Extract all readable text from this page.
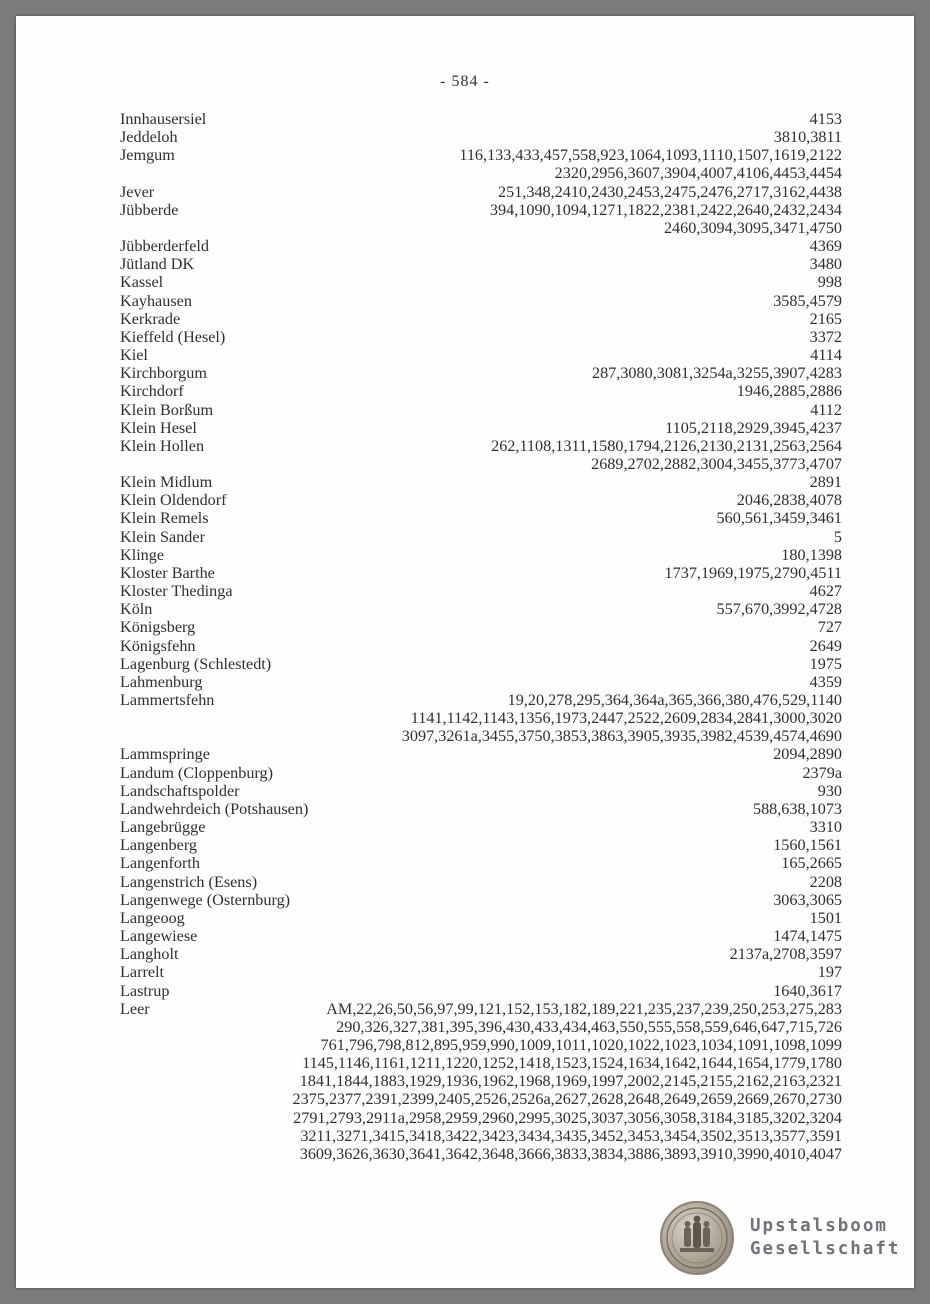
- 584 -
Innhausersiel	4153
Jeddeloh	3810,3811
Jemgum	116,133,433,457,558,923,1064,1093,1110,1507,1619,2122
2320,2956,3607,3904,4007,4106,4453,4454
Jever	251,348,2410,2430,2453,2475,2476,2717,3162,4438
Jübberde	394,1090,1094,1271,1822,2381,2422,2640,2432,2434
2460,3094,3095,3471,4750
Jübberderfeld	4369
Jütland DK	3480
Kassel	998
Kayhausen	3585,4579
Kerkrade	2165
Kieffeld (Hesel)	3372
Kiel	4114
Kirchborgum	287,3080,3081,3254a,3255,3907,4283
Kirchdorf	1946,2885,2886
Klein Borßum	4112
Klein Hesel	1105,2118,2929,3945,4237
Klein Hollen	262,1108,1311,1580,1794,2126,2130,2131,2563,2564
2689,2702,2882,3004,3455,3773,4707
Klein Midlum	2891
Klein Oldendorf	2046,2838,4078
Klein Remels	560,561,3459,3461
Klein Sander	5
Klinge	180,1398
Kloster Barthe	1737,1969,1975,2790,4511
Kloster Thedinga	4627
Köln	557,670,3992,4728
Königsberg	727
Königsfehn	2649
Lagenburg (Schlestedt)	1975
Lahmenburg	4359
Lammertsfehn	19,20,278,295,364,364a,365,366,380,476,529,1140
1141,1142,1143,1356,1973,2447,2522,2609,2834,2841,3000,3020
3097,3261a,3455,3750,3853,3863,3905,3935,3982,4539,4574,4690
Lammspringe	2094,2890
Landum (Cloppenburg)	2379a
Landschaftspolder	930
Landwehrdeich (Potshausen)	588,638,1073
Langebrügge	3310
Langenberg	1560,1561
Langenforth	165,2665
Langenstrich (Esens)	2208
Langenwege (Osternburg)	3063,3065
Langeoog	1501
Langewiese	1474,1475
Langholt	2137a,2708,3597
Larrelt	197
Lastrup	1640,3617
Leer	AM,22,26,50,56,97,99,121,152,153,182,189,221,235,237,239,250,253,275,283
290,326,327,381,395,396,430,433,434,463,550,555,558,559,646,647,715,726
761,796,798,812,895,959,990,1009,1011,1020,1022,1023,1034,1091,1098,1099
1145,1146,1161,1211,1220,1252,1418,1523,1524,1634,1642,1644,1654,1779,1780
1841,1844,1883,1929,1936,1962,1968,1969,1997,2002,2145,2155,2162,2163,2321
2375,2377,2391,2399,2405,2526,2526a,2627,2628,2648,2649,2659,2669,2670,2730
2791,2793,2911a,2958,2959,2960,2995,3025,3037,3056,3058,3184,3185,3202,3204
3211,3271,3415,3418,3422,3423,3434,3435,3452,3453,3454,3502,3513,3577,3591
3609,3626,3630,3641,3642,3648,3666,3833,3834,3886,3893,3910,3990,4010,4047
Upstalsboom
Gesellschaft
